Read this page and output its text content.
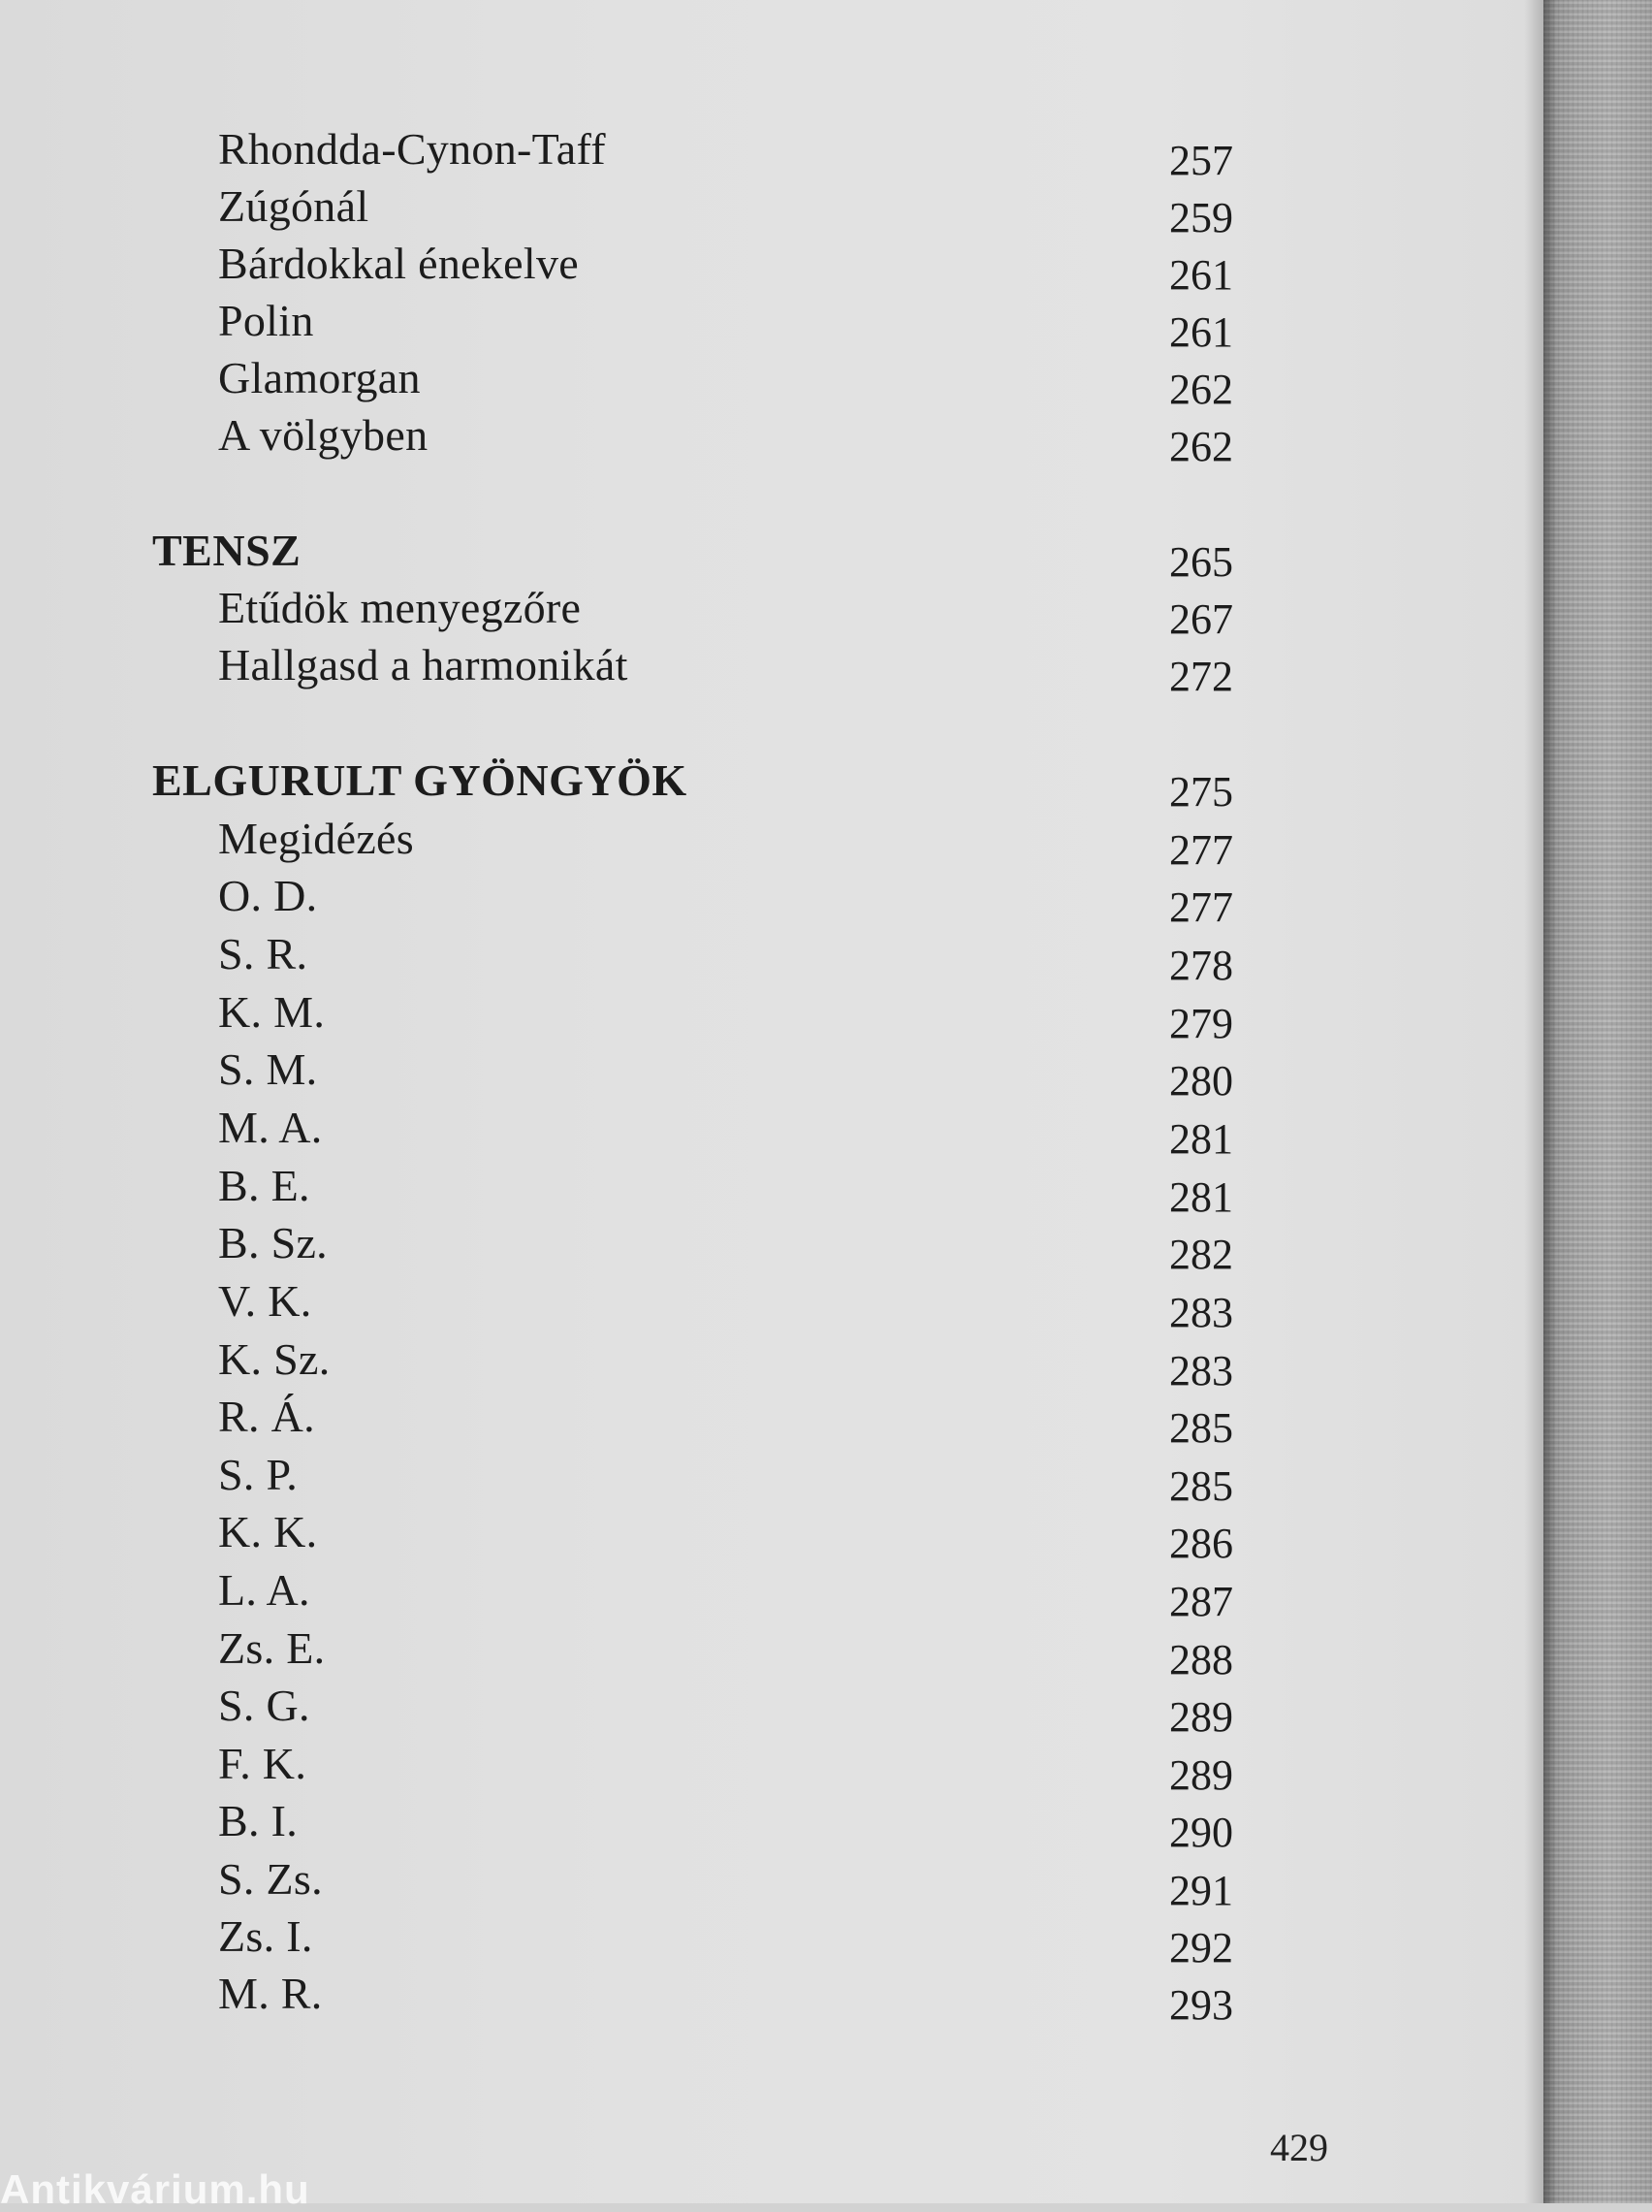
Rhondda-Cynon-Taff	257
Zúgónál	259
Bárdokkal énekelve	261
Polin	261
Glamorgan	262
A völgyben	262
TENSZ	265
Etűdök menyegzőre	267
Hallgasd a harmonikát	272
ELGURULT GYÖNGYÖK	275
Megidézés	277
O. D.	277
S. R.	278
K. M.	279
S. M.	280
M. A.	281
B. E.	281
B. Sz.	282
V. K.	283
K. Sz.	283
R. Á.	285
S. P.	285
K. K.	286
L. A.	287
Zs. E.	288
S. G.	289
F. K.	289
B. I.	290
S. Zs.	291
Zs. I.	292
M. R.	293
429
Antikvárium.hu
